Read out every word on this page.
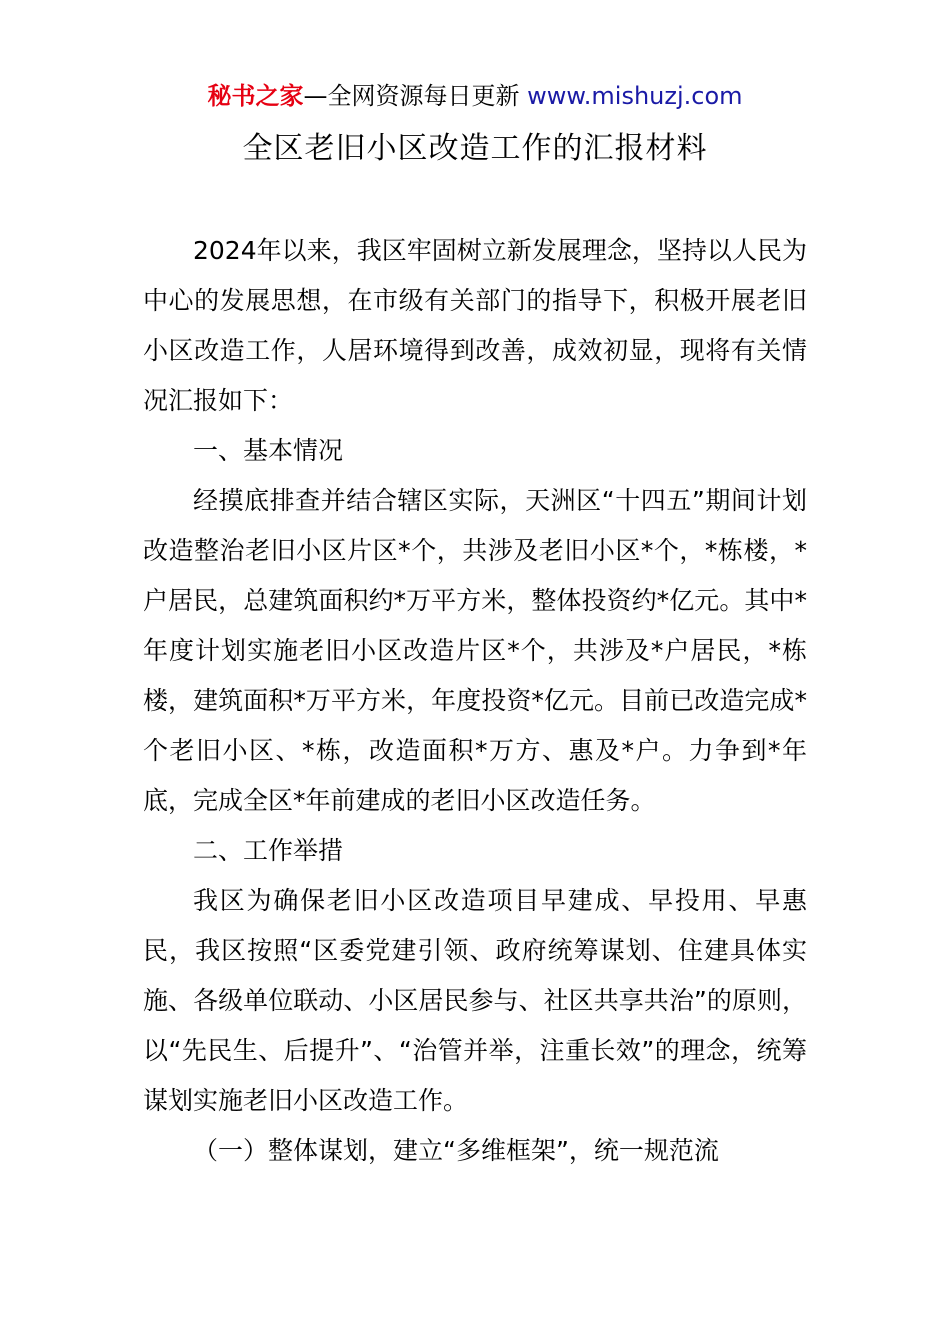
秘书之家—全网资源每日更新 www.mishuzj.com
全区老旧小区改造工作的汇报材料

2024年以来，我区牢固树立新发展理念，坚持以人民为中心的发展思想，在市级有关部门的指导下，积极开展老旧小区改造工作，人居环境得到改善，成效初显，现将有关情况汇报如下：

一、基本情况

经摸底排查并结合辖区实际，天洲区“十四五”期间计划改造整治老旧小区片区*个，共涉及老旧小区*个，*栋楼，*户居民，总建筑面积约*万平方米，整体投资约*亿元。其中*年度计划实施老旧小区改造片区*个，共涉及*户居民，*栋楼，建筑面积*万平方米，年度投资*亿元。目前已改造完成*个老旧小区、*栋，改造面积*万方、惠及*户。力争到*年底，完成全区*年前建成的老旧小区改造任务。

二、工作举措

我区为确保老旧小区改造项目早建成、早投用、早惠民，我区按照“区委党建引领、政府统筹谋划、住建具体实施、各级单位联动、小区居民参与、社区共享共治”的原则，以“先民生、后提升”、“治管并举，注重长效”的理念，统筹谋划实施老旧小区改造工作。

（一）整体谋划，建立“多维框架”，统一规范流
